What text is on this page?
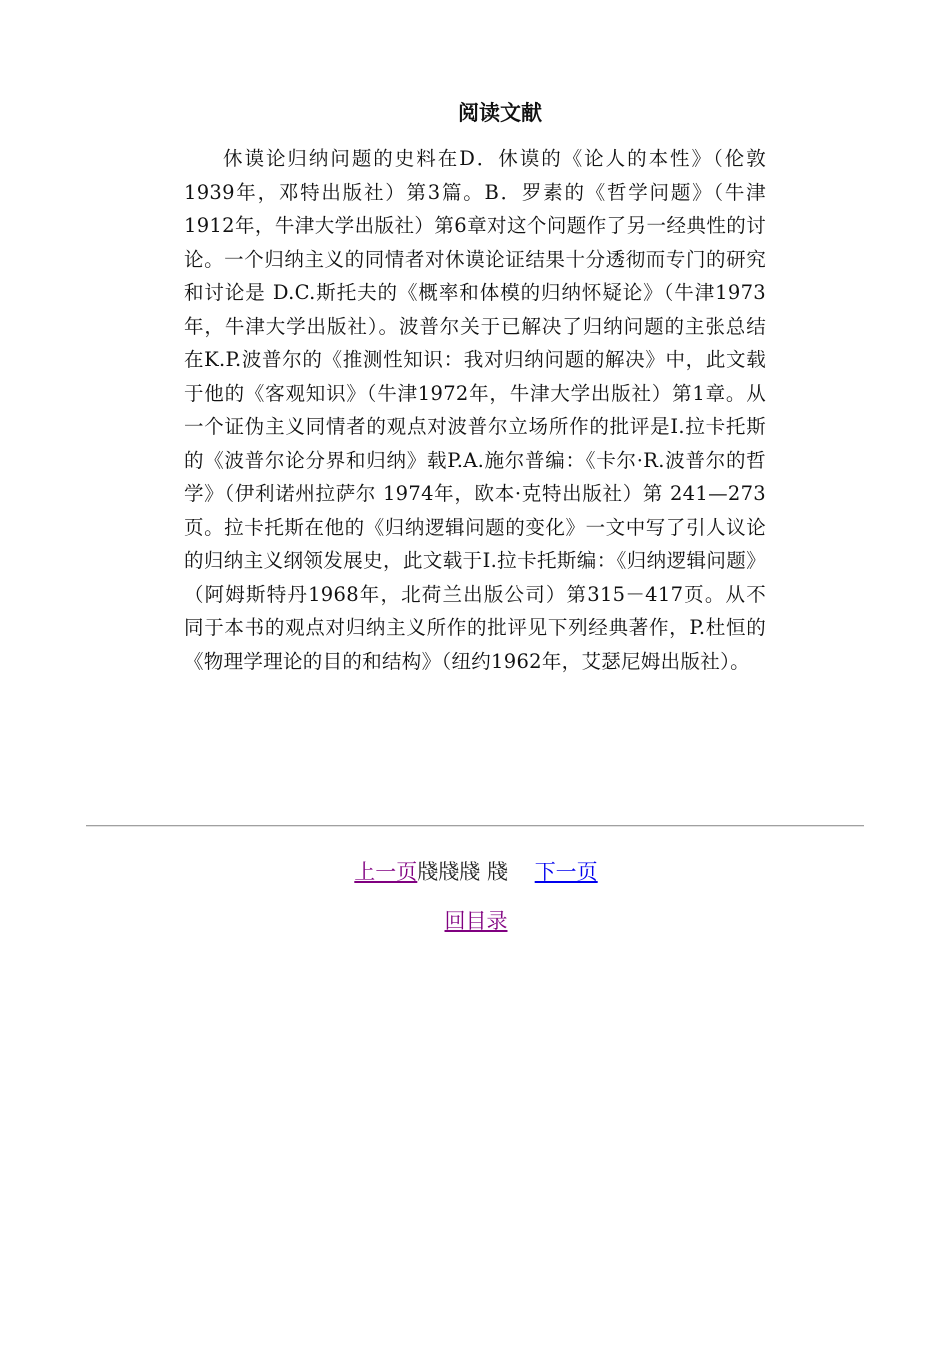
阅读文献
休谟论归纳问题的史料在D．休谟的《论人的本性》（伦敦 1939年，邓特出版社）第3篇。B．罗素的《哲学问题》（牛津1912年，牛津大学出版社）第6章对这个问题作了另一经典性的讨论。一个归纳主义的同情者对休谟论证结果十分透彻而专门的研究和讨论是 D.C.斯托夫的《概率和体模的归纳怀疑论》（牛津1973年，牛津大学出版社）。波普尔关于已解决了归纳问题的主张总结在K.P.波普尔的《推测性知识：我对归纳问题的解决》中，此文载于他的《客观知识》（牛津1972年，牛津大学出版社）第1章。从一个证伪主义同情者的观点对波普尔立场所作的批评是I.拉卡托斯的《波普尔论分界和归纳》载P.A.施尔普编：《卡尔·R.波普尔的哲学》（伊利诺州拉萨尔 1974年，欧本·克特出版社）第 241—273页。拉卡托斯在他的《归纳逻辑问题的变化》一文中写了引人议论的归纳主义纲领发展史，此文载于I.拉卡托斯编：《归纳逻辑问题》（阿姆斯特丹1968年，北荷兰出版公司）第315－417页。从不同于本书的观点对归纳主义所作的批评见下列经典著作，P.杜恒的《物理学理论的目的和结构》（纽约1962年，艾瑟尼姆出版社）。
上一页牋牋牋 牋 下一页
回目录
